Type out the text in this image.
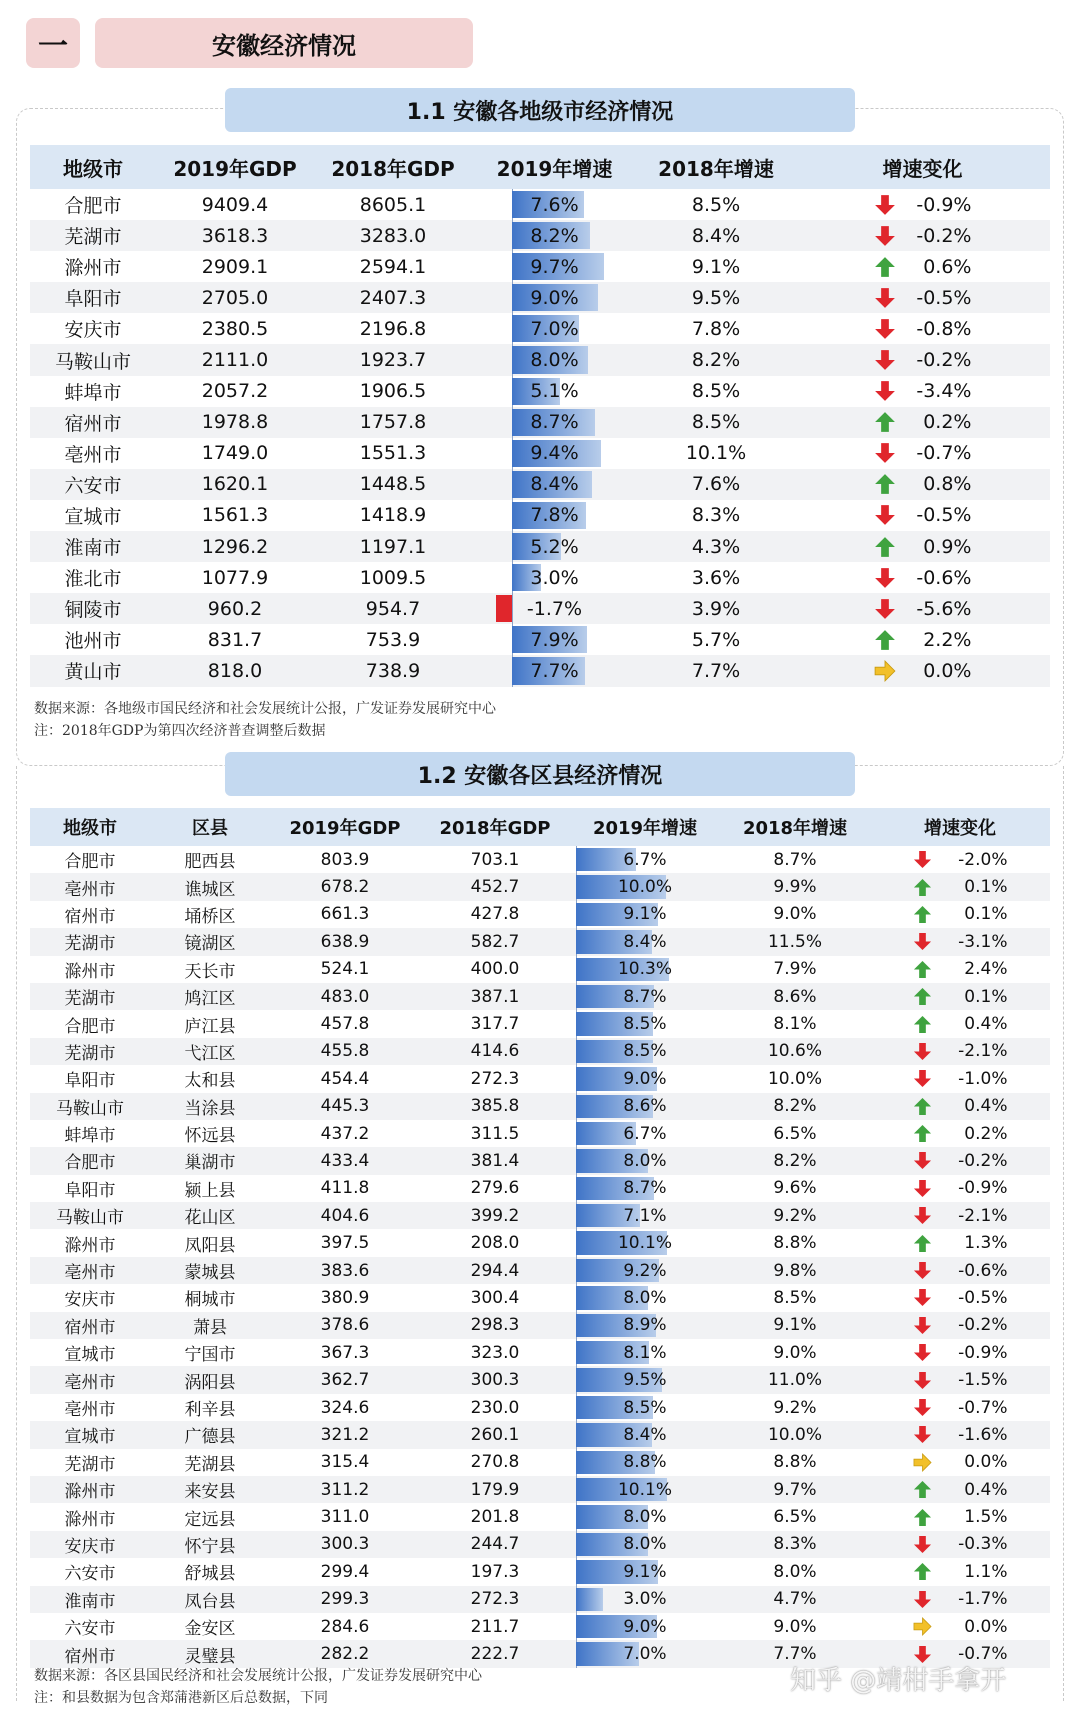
一	安徽经济情况
1.1 安徽各地级市经济情况
地级市	2019年GDP	2018年GDP	2019年增速	2018年增速	增速变化
合肥市	9409.4	8605.1	7.6%	8.5%	-0.9%
芜湖市	3618.3	3283.0	8.2%	8.4%	-0.2%
滁州市	2909.1	2594.1	9.7%	9.1%	0.6%
阜阳市	2705.0	2407.3	9.0%	9.5%	-0.5%
安庆市	2380.5	2196.8	7.0%	7.8%	-0.8%
马鞍山市	2111.0	1923.7	8.0%	8.2%	-0.2%
蚌埠市	2057.2	1906.5	5.1%	8.5%	-3.4%
宿州市	1978.8	1757.8	8.7%	8.5%	0.2%
亳州市	1749.0	1551.3	9.4%	10.1%	-0.7%
六安市	1620.1	1448.5	8.4%	7.6%	0.8%
宣城市	1561.3	1418.9	7.8%	8.3%	-0.5%
淮南市	1296.2	1197.1	5.2%	4.3%	0.9%
淮北市	1077.9	1009.5	3.0%	3.6%	-0.6%
铜陵市	960.2	954.7	-1.7%	3.9%	-5.6%
池州市	831.7	753.9	7.9%	5.7%	2.2%
黄山市	818.0	738.9	7.7%	7.7%	0.0%
数据来源：各地级市国民经济和社会发展统计公报，广发证券发展研究中心
注：2018年GDP为第四次经济普查调整后数据
1.2 安徽各区县经济情况
地级市	区县	2019年GDP	2018年GDP	2019年增速	2018年增速	增速变化
合肥市	肥西县	803.9	703.1	6.7%	8.7%	-2.0%
亳州市	谯城区	678.2	452.7	10.0%	9.9%	0.1%
宿州市	埇桥区	661.3	427.8	9.1%	9.0%	0.1%
芜湖市	镜湖区	638.9	582.7	8.4%	11.5%	-3.1%
滁州市	天长市	524.1	400.0	10.3%	7.9%	2.4%
芜湖市	鸠江区	483.0	387.1	8.7%	8.6%	0.1%
合肥市	庐江县	457.8	317.7	8.5%	8.1%	0.4%
芜湖市	弋江区	455.8	414.6	8.5%	10.6%	-2.1%
阜阳市	太和县	454.4	272.3	9.0%	10.0%	-1.0%
马鞍山市	当涂县	445.3	385.8	8.6%	8.2%	0.4%
蚌埠市	怀远县	437.2	311.5	6.7%	6.5%	0.2%
合肥市	巢湖市	433.4	381.4	8.0%	8.2%	-0.2%
阜阳市	颍上县	411.8	279.6	8.7%	9.6%	-0.9%
马鞍山市	花山区	404.6	399.2	7.1%	9.2%	-2.1%
滁州市	凤阳县	397.5	208.0	10.1%	8.8%	1.3%
亳州市	蒙城县	383.6	294.4	9.2%	9.8%	-0.6%
安庆市	桐城市	380.9	300.4	8.0%	8.5%	-0.5%
宿州市	萧县	378.6	298.3	8.9%	9.1%	-0.2%
宣城市	宁国市	367.3	323.0	8.1%	9.0%	-0.9%
亳州市	涡阳县	362.7	300.3	9.5%	11.0%	-1.5%
亳州市	利辛县	324.6	230.0	8.5%	9.2%	-0.7%
宣城市	广德县	321.2	260.1	8.4%	10.0%	-1.6%
芜湖市	芜湖县	315.4	270.8	8.8%	8.8%	0.0%
滁州市	来安县	311.2	179.9	10.1%	9.7%	0.4%
滁州市	定远县	311.0	201.8	8.0%	6.5%	1.5%
安庆市	怀宁县	300.3	244.7	8.0%	8.3%	-0.3%
六安市	舒城县	299.4	197.3	9.1%	8.0%	1.1%
淮南市	凤台县	299.3	272.3	3.0%	4.7%	-1.7%
六安市	金安区	284.6	211.7	9.0%	9.0%	0.0%
宿州市	灵璧县	282.2	222.7	7.0%	7.7%	-0.7%
数据来源：各区县国民经济和社会发展统计公报，广发证券发展研究中心
注：和县数据为包含郑蒲港新区后总数据，下同
知乎 @靖柑手拿开
